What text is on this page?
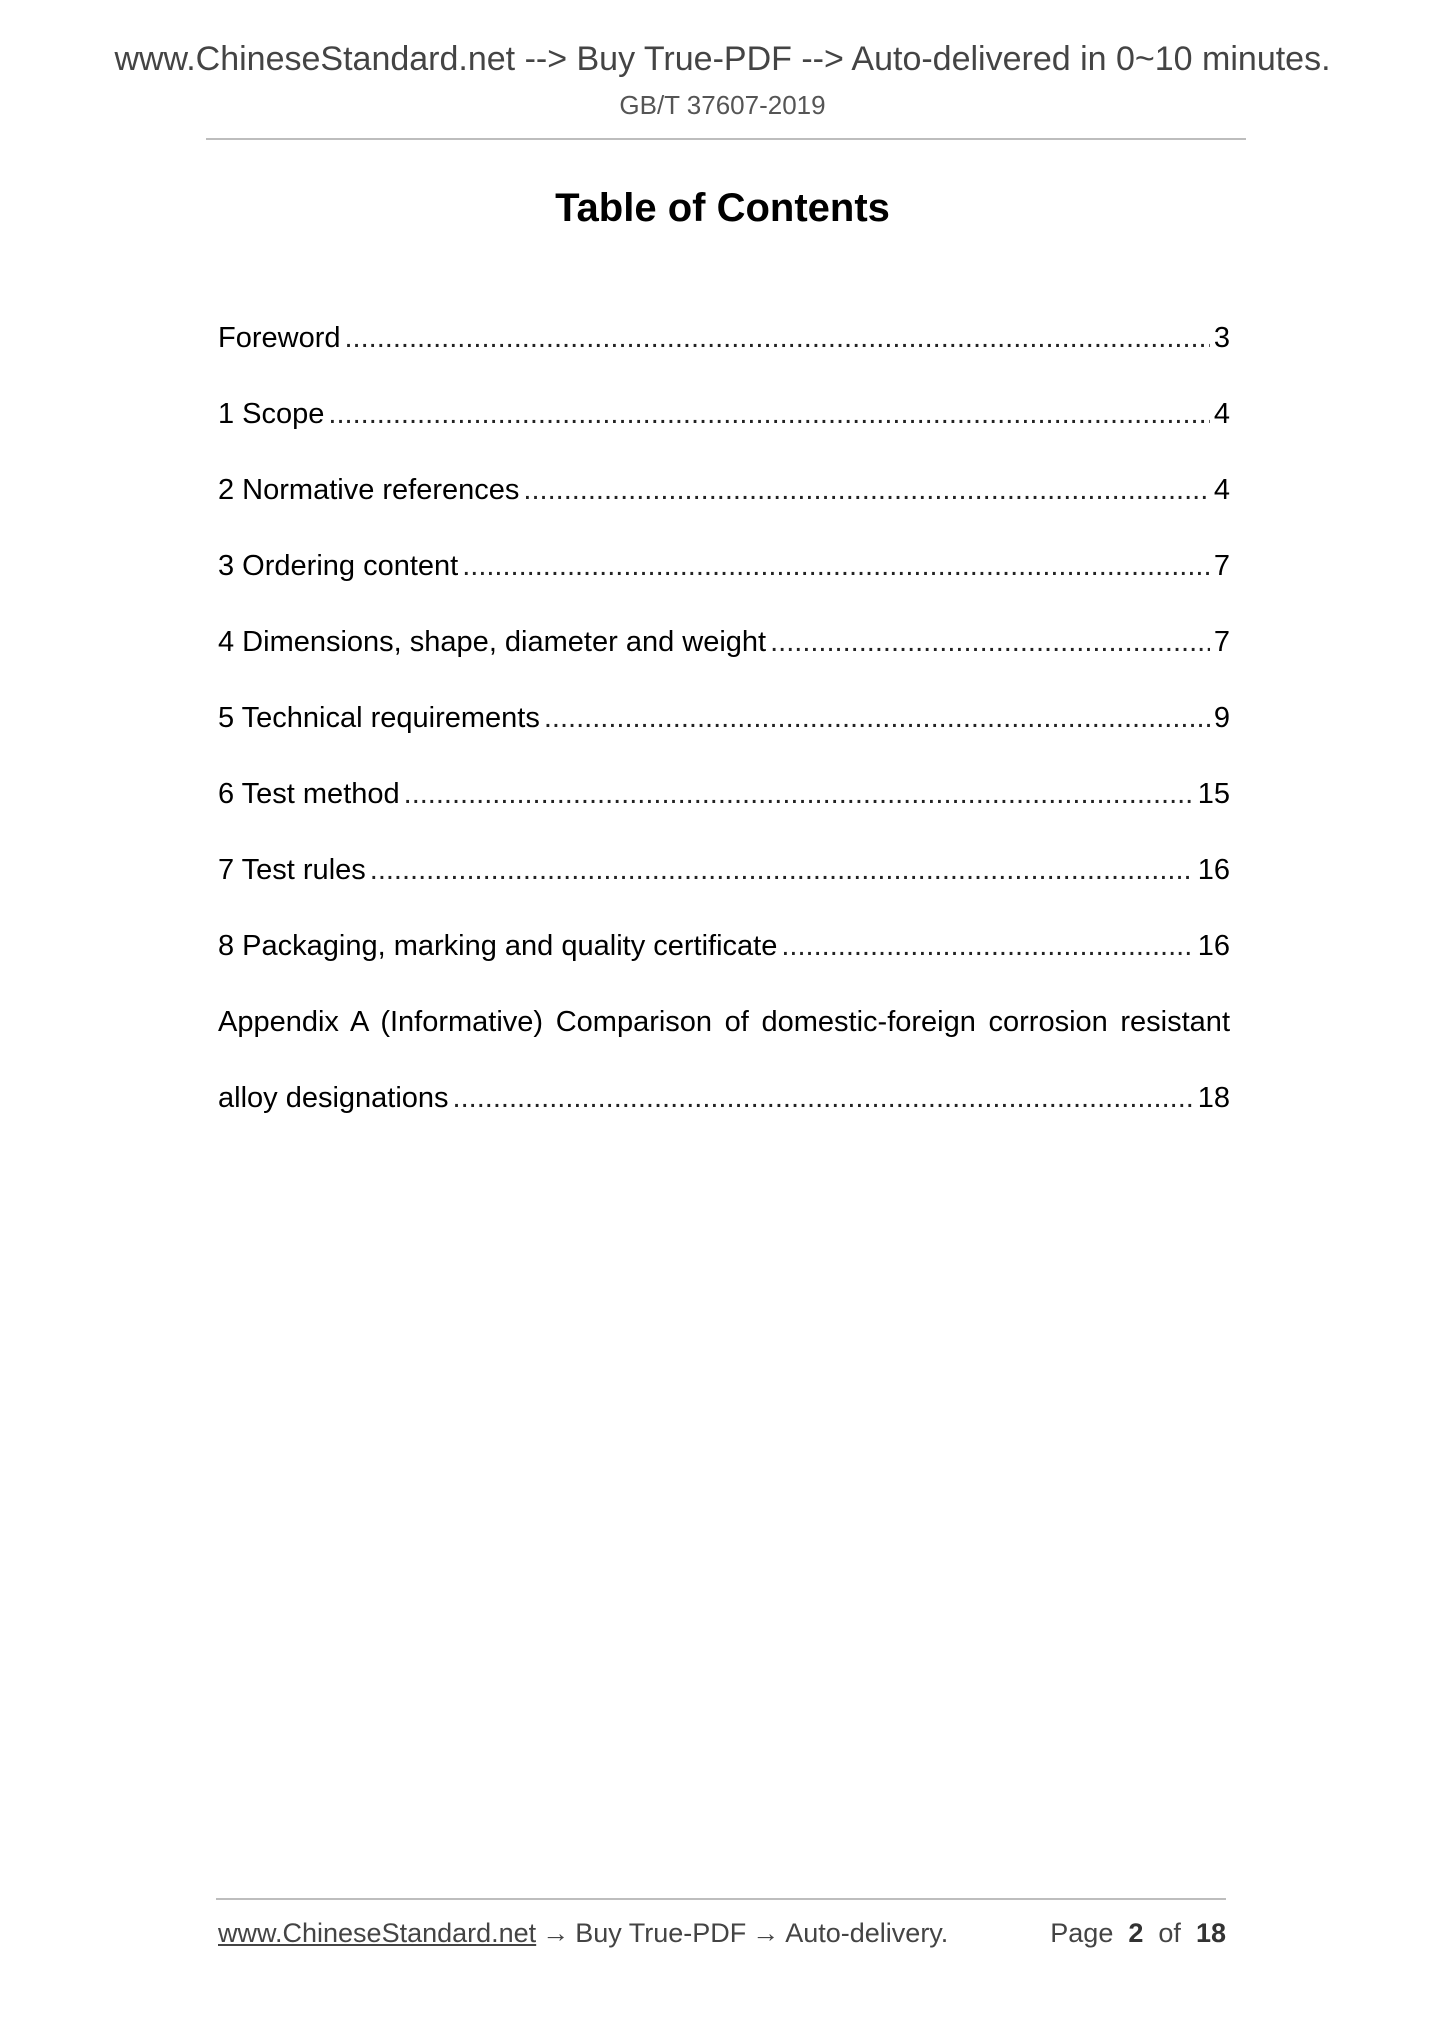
www.ChineseStandard.net --> Buy True-PDF --> Auto-delivered in 0~10 minutes.
GB/T 37607-2019
Table of Contents
Foreword .....	3
1 Scope .....	4
2 Normative references .....	4
3 Ordering content .....	7
4 Dimensions, shape, diameter and weight .....	7
5 Technical requirements .....	9
6 Test method .....	15
7 Test rules .....	16
8 Packaging, marking and quality certificate .....	16
Appendix A (Informative) Comparison of domestic-foreign corrosion resistant
alloy designations .....	18
www.ChineseStandard.net → Buy True-PDF → Auto-delivery.	Page 2 of 18
